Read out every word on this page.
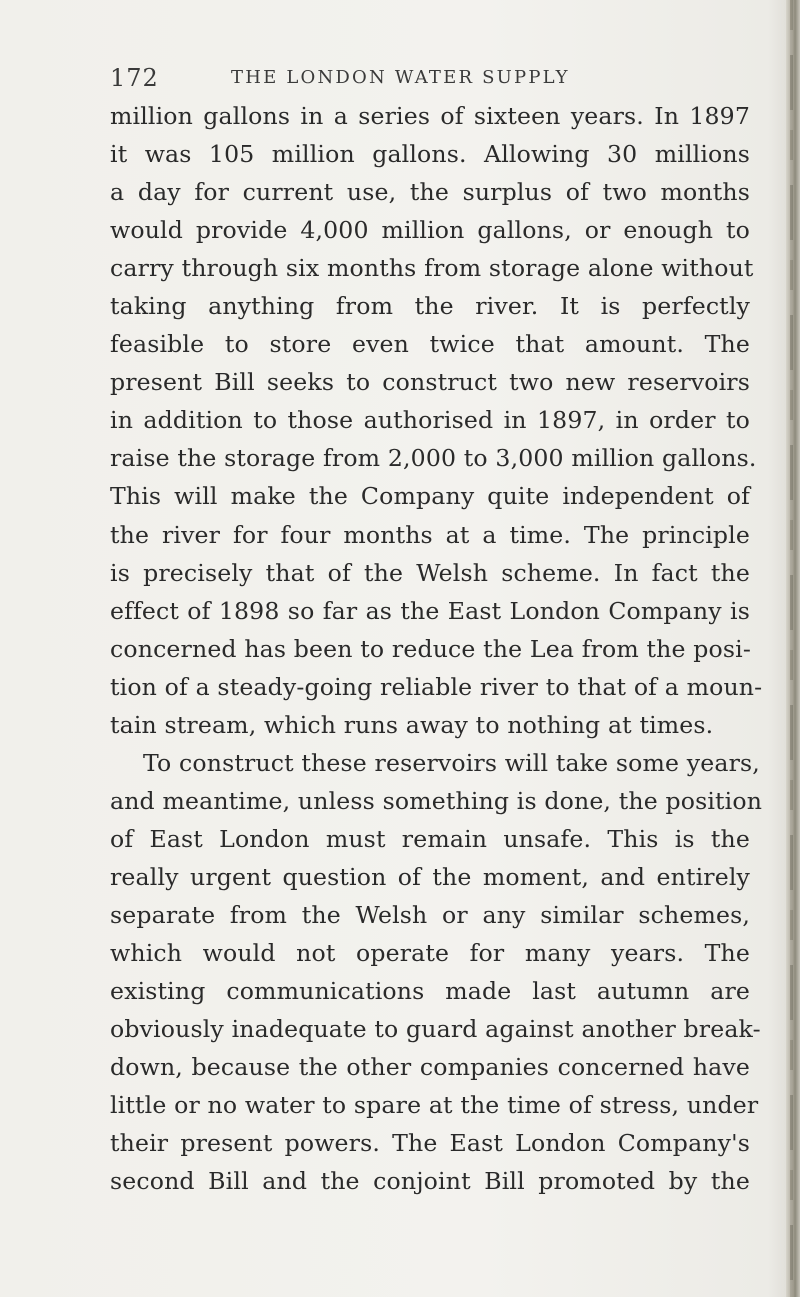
172	THE LONDON WATER SUPPLY
million gallons in a series of sixteen years. In 1897
it was 105 million gallons. Allowing 30 millions
a day for current use, the surplus of two months
would provide 4,000 million gallons, or enough to
carry through six months from storage alone without
taking anything from the river. It is perfectly
feasible to store even twice that amount. The
present Bill seeks to construct two new reservoirs
in addition to those authorised in 1897, in order to
raise the storage from 2,000 to 3,000 million gallons.
This will make the Company quite independent of
the river for four months at a time. The principle
is precisely that of the Welsh scheme. In fact the
effect of 1898 so far as the East London Company is
concerned has been to reduce the Lea from the posi-
tion of a steady-going reliable river to that of a moun-
tain stream, which runs away to nothing at times.
To construct these reservoirs will take some years,
and meantime, unless something is done, the position
of East London must remain unsafe. This is the
really urgent question of the moment, and entirely
separate from the Welsh or any similar schemes,
which would not operate for many years. The
existing communications made last autumn are
obviously inadequate to guard against another break-
down, because the other companies concerned have
little or no water to spare at the time of stress, under
their present powers. The East London Company's
second Bill and the conjoint Bill promoted by the
